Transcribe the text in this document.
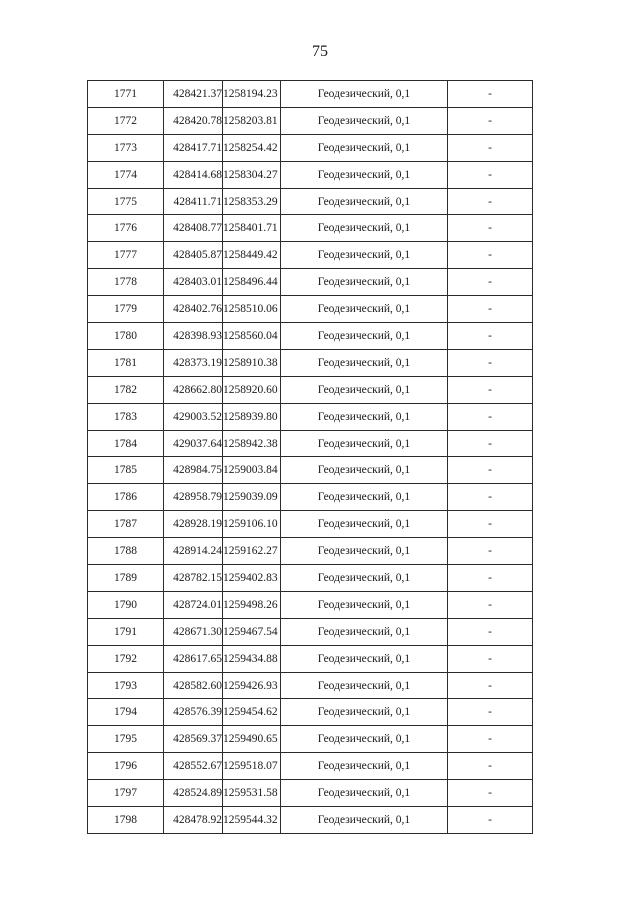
75
1771	428421.37	1258194.23	Геодезический, 0,1	-
1772	428420.78	1258203.81	Геодезический, 0,1	-
1773	428417.71	1258254.42	Геодезический, 0,1	-
1774	428414.68	1258304.27	Геодезический, 0,1	-
1775	428411.71	1258353.29	Геодезический, 0,1	-
1776	428408.77	1258401.71	Геодезический, 0,1	-
1777	428405.87	1258449.42	Геодезический, 0,1	-
1778	428403.01	1258496.44	Геодезический, 0,1	-
1779	428402.76	1258510.06	Геодезический, 0,1	-
1780	428398.93	1258560.04	Геодезический, 0,1	-
1781	428373.19	1258910.38	Геодезический, 0,1	-
1782	428662.80	1258920.60	Геодезический, 0,1	-
1783	429003.52	1258939.80	Геодезический, 0,1	-
1784	429037.64	1258942.38	Геодезический, 0,1	-
1785	428984.75	1259003.84	Геодезический, 0,1	-
1786	428958.79	1259039.09	Геодезический, 0,1	-
1787	428928.19	1259106.10	Геодезический, 0,1	-
1788	428914.24	1259162.27	Геодезический, 0,1	-
1789	428782.15	1259402.83	Геодезический, 0,1	-
1790	428724.01	1259498.26	Геодезический, 0,1	-
1791	428671.30	1259467.54	Геодезический, 0,1	-
1792	428617.65	1259434.88	Геодезический, 0,1	-
1793	428582.60	1259426.93	Геодезический, 0,1	-
1794	428576.39	1259454.62	Геодезический, 0,1	-
1795	428569.37	1259490.65	Геодезический, 0,1	-
1796	428552.67	1259518.07	Геодезический, 0,1	-
1797	428524.89	1259531.58	Геодезический, 0,1	-
1798	428478.92	1259544.32	Геодезический, 0,1	-
